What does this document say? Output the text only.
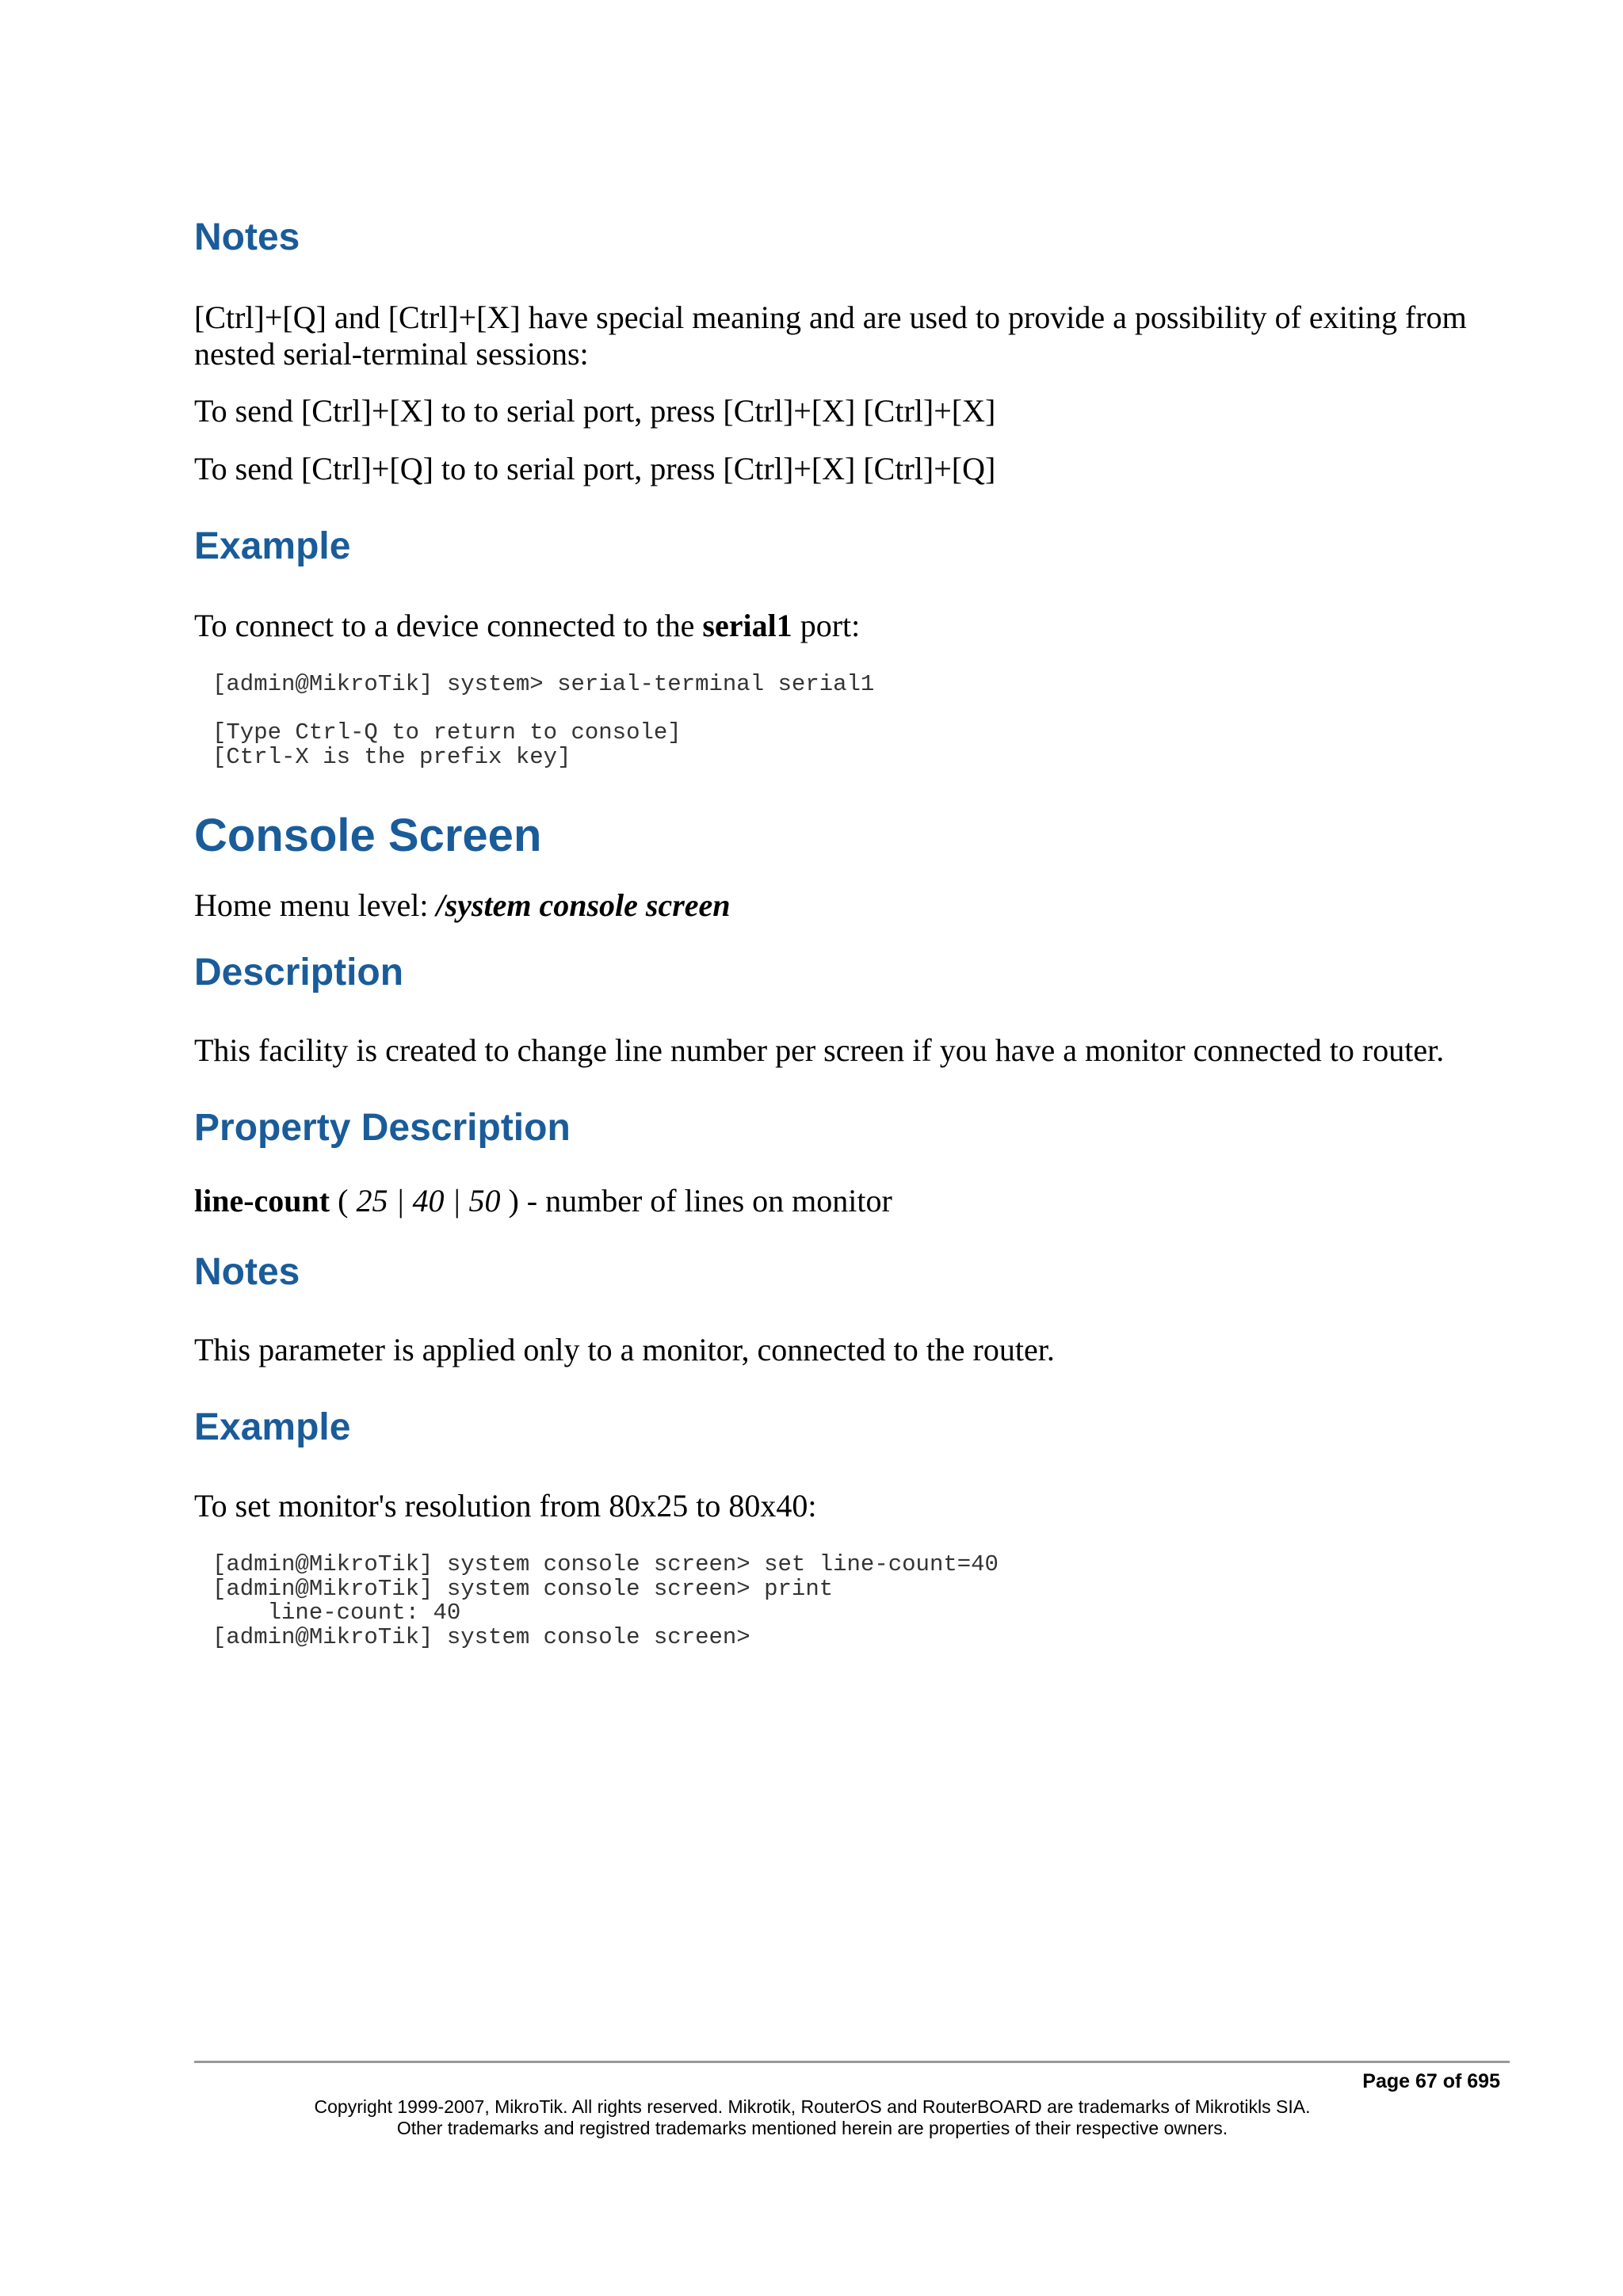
Notes

[Ctrl]+[Q] and [Ctrl]+[X] have special meaning and are used to provide a possibility of exiting from nested serial-terminal sessions:

To send [Ctrl]+[X] to to serial port, press [Ctrl]+[X] [Ctrl]+[X]

To send [Ctrl]+[Q] to to serial port, press [Ctrl]+[X] [Ctrl]+[Q]

Example

To connect to a device connected to the serial1 port:

[admin@MikroTik] system> serial-terminal serial1

[Type Ctrl-Q to return to console]
[Ctrl-X is the prefix key]
Console Screen

Home menu level: /system console screen

Description

This facility is created to change line number per screen if you have a monitor connected to router.

Property Description

line-count ( 25 | 40 | 50 ) - number of lines on monitor

Notes

This parameter is applied only to a monitor, connected to the router.

Example

To set monitor's resolution from 80x25 to 80x40:

[admin@MikroTik] system console screen> set line-count=40
[admin@MikroTik] system console screen> print
line-count: 40
[admin@MikroTik] system console screen>
Page 67 of 695
Copyright 1999-2007, MikroTik. All rights reserved. Mikrotik, RouterOS and RouterBOARD are trademarks of Mikrotikls SIA.
Other trademarks and registred trademarks mentioned herein are properties of their respective owners.
